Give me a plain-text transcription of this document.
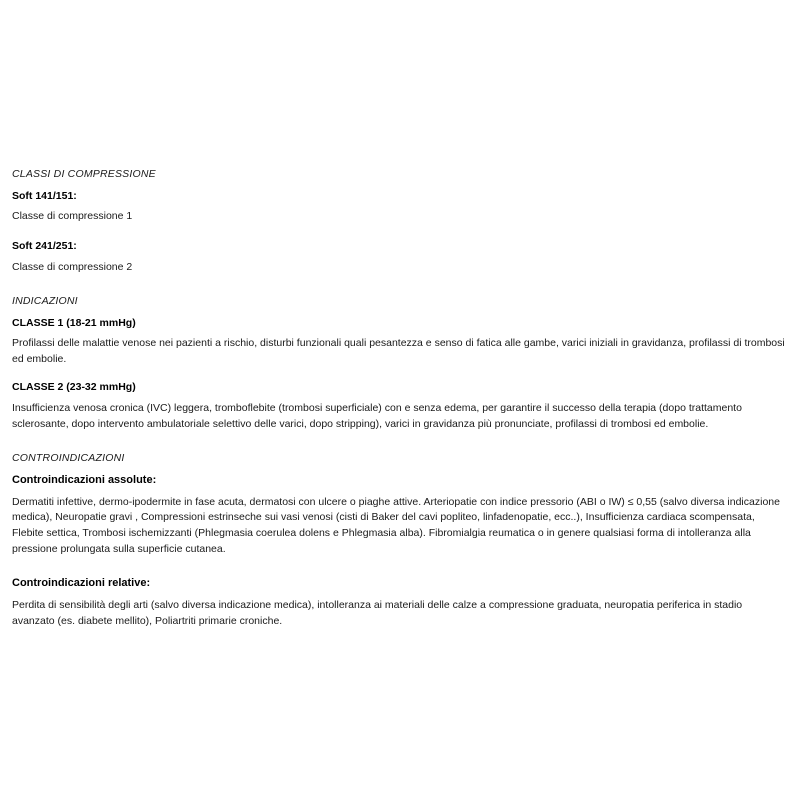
CLASSI DI COMPRESSIONE
Soft 141/151:
Classe di compressione 1
Soft 241/251:
Classe di compressione 2
INDICAZIONI
CLASSE 1 (18-21 mmHg)
Profilassi delle malattie venose nei pazienti a rischio, disturbi funzionali quali pesantezza e senso di fatica alle gambe, varici iniziali in gravidanza, profilassi di trombosi ed embolie.
CLASSE 2 (23-32 mmHg)
Insufficienza venosa cronica (IVC) leggera, tromboflebite (trombosi superficiale) con e senza edema, per garantire il successo della terapia (dopo trattamento sclerosante, dopo intervento ambulatoriale selettivo delle varici, dopo stripping), varici in gravidanza più pronunciate, profilassi di trombosi ed embolie.
CONTROINDICAZIONI
Controindicazioni assolute:
Dermatiti infettive, dermo-ipodermite in fase acuta, dermatosi con ulcere o piaghe attive. Arteriopatie con indice pressorio (ABI o IW) ≤ 0,55 (salvo diversa indicazione medica), Neuropatie gravi , Compressioni estrinseche sui vasi venosi (cisti di Baker del cavi popliteo, linfadenopatie, ecc..), Insufficienza cardiaca scompensata, Flebite settica, Trombosi ischemizzanti (Phlegmasia coerulea dolens e Phlegmasia alba). Fibromialgia reumatica o in genere qualsiasi forma di intolleranza alla pressione prolungata sulla superficie cutanea.
Controindicazioni relative:
Perdita di sensibilità degli arti (salvo diversa indicazione medica), intolleranza ai materiali delle calze a compressione graduata, neuropatia periferica in stadio avanzato (es. diabete mellito), Poliartriti primarie croniche.
